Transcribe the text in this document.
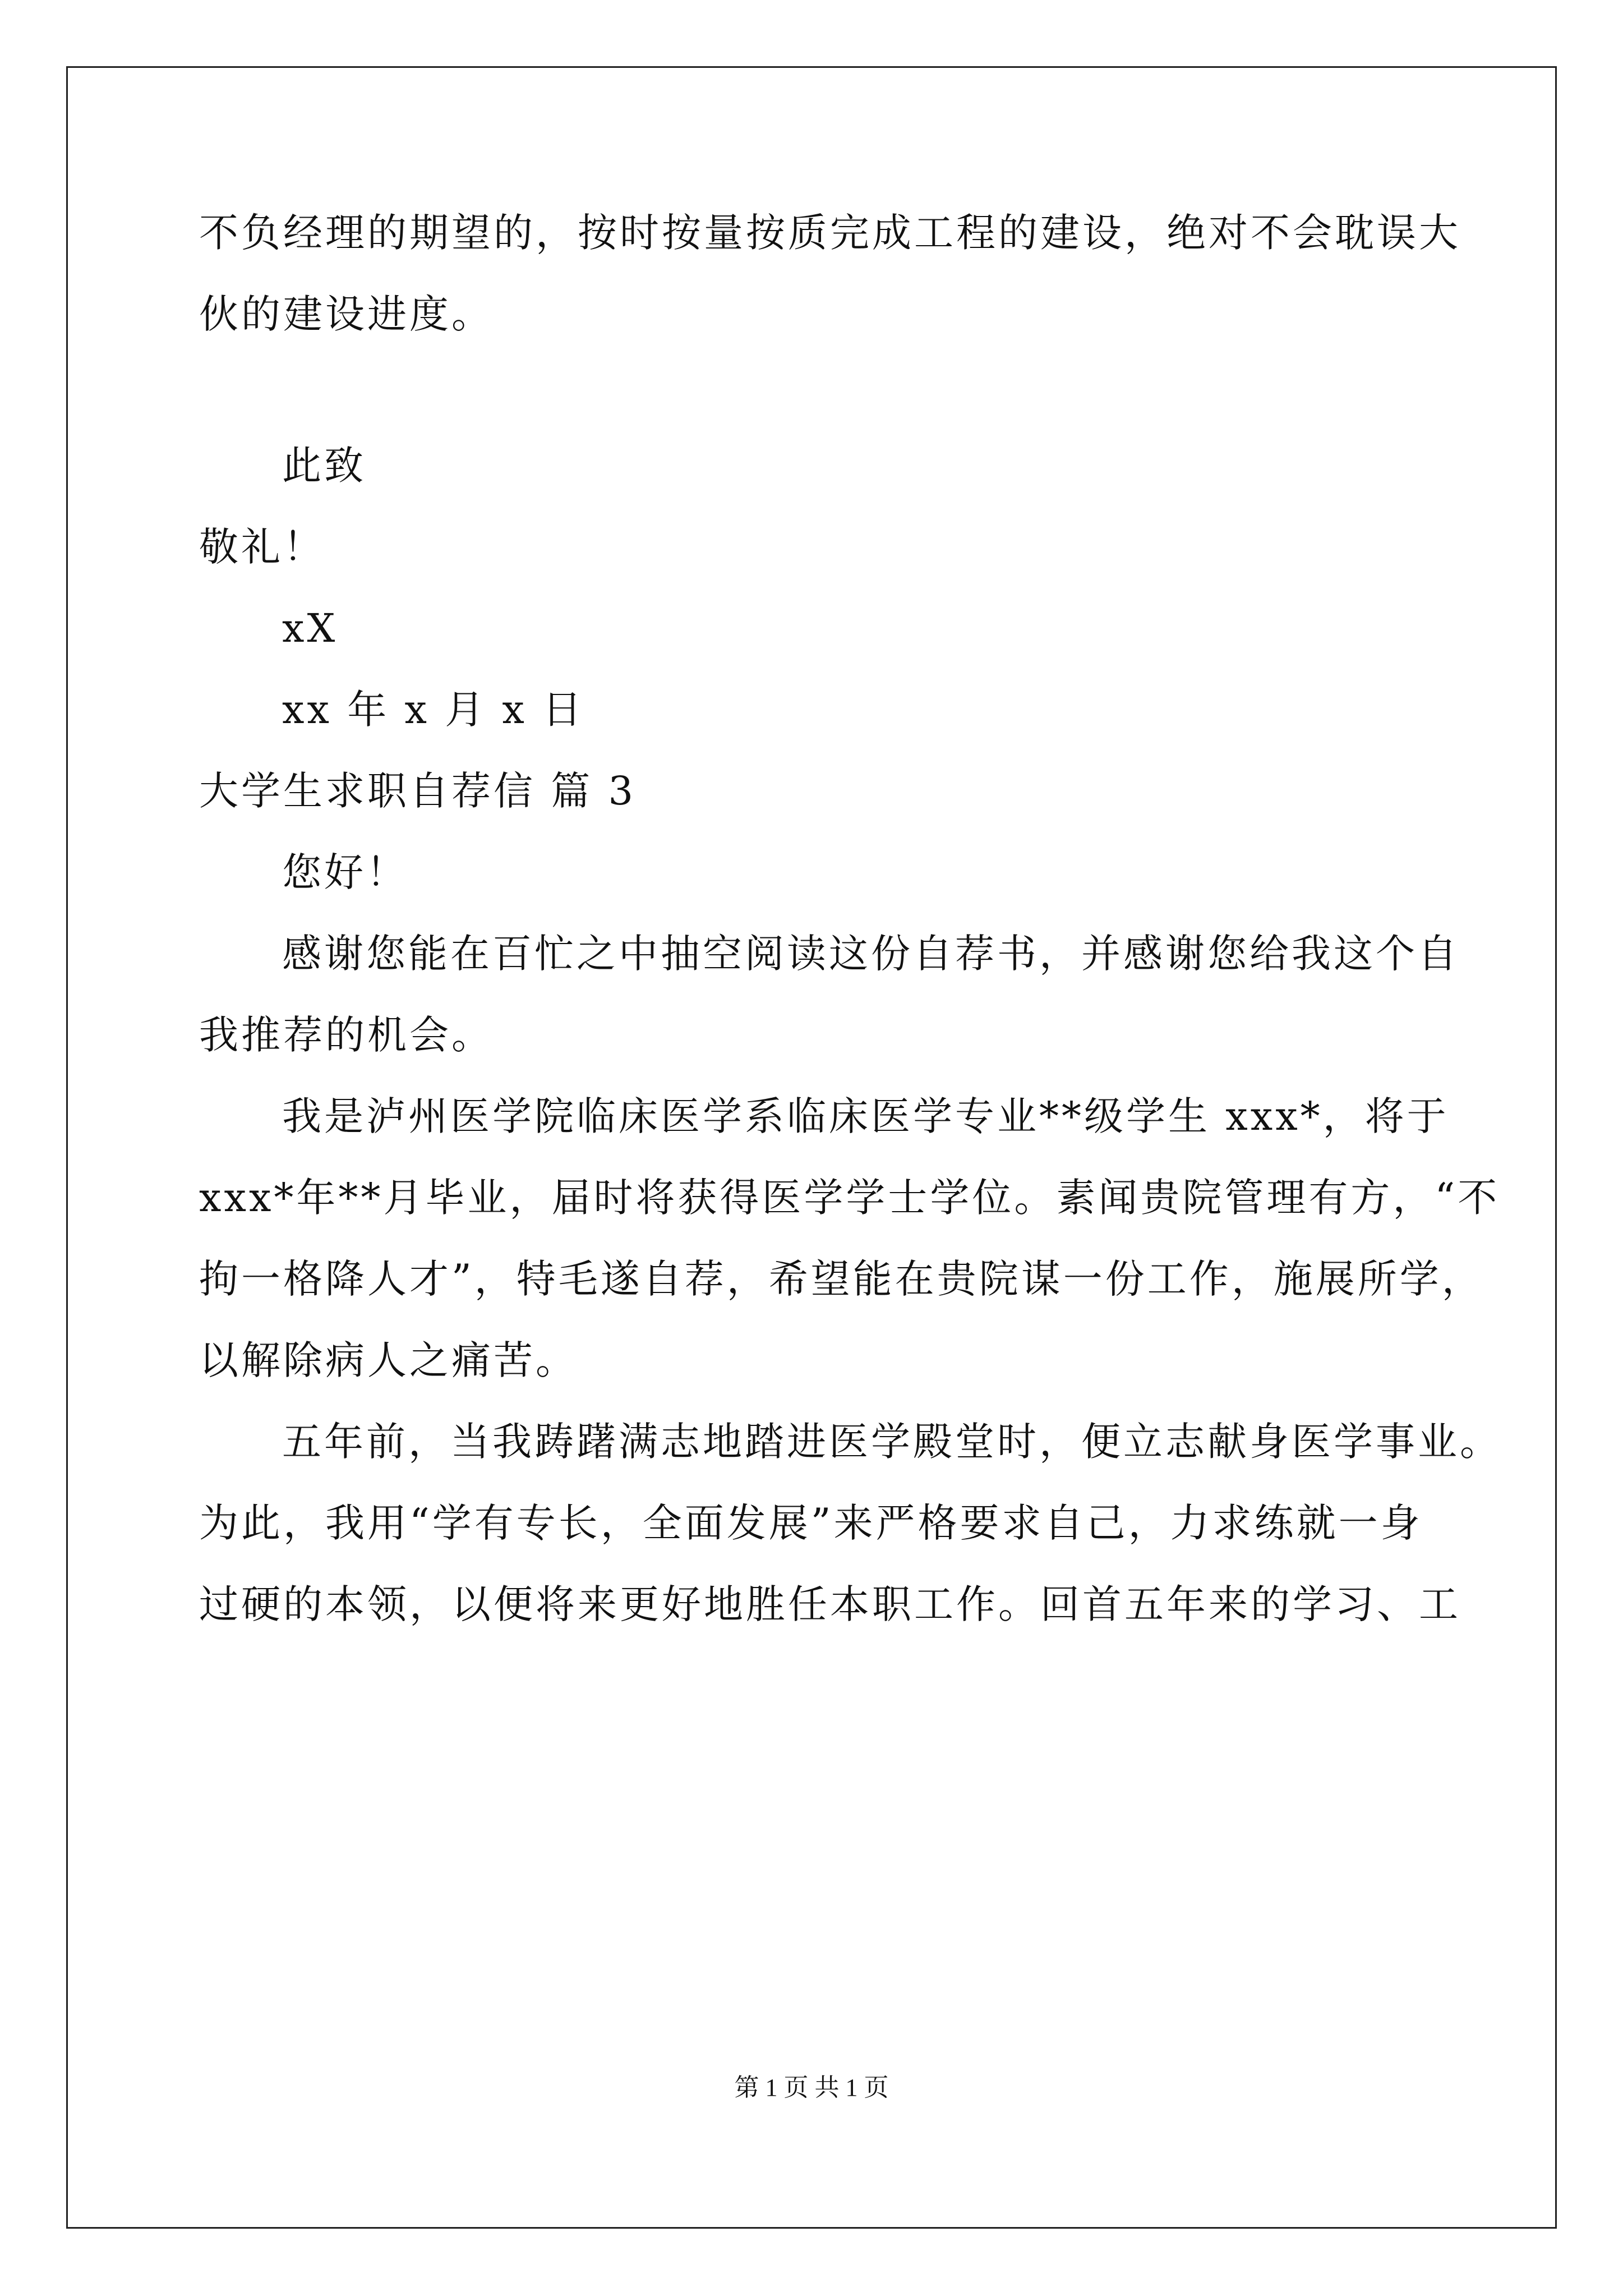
不负经理的期望的，按时按量按质完成工程的建设，绝对不会耽误大
伙的建设进度。
此致
敬礼！
xX
xx 年 x 月 x 日
大学生求职自荐信 篇 3
您好！
感谢您能在百忙之中抽空阅读这份自荐书，并感谢您给我这个自
我推荐的机会。
我是泸州医学院临床医学系临床医学专业**级学生 xxx*，将于
xxx*年**月毕业，届时将获得医学学士学位。素闻贵院管理有方，“不
拘一格降人才”，特毛遂自荐，希望能在贵院谋一份工作，施展所学，
以解除病人之痛苦。
五年前，当我踌躇满志地踏进医学殿堂时，便立志献身医学事业。
为此，我用“学有专长，全面发展”来严格要求自己，力求练就一身
过硬的本领，以便将来更好地胜任本职工作。回首五年来的学习、工
第 1 页 共 1 页
